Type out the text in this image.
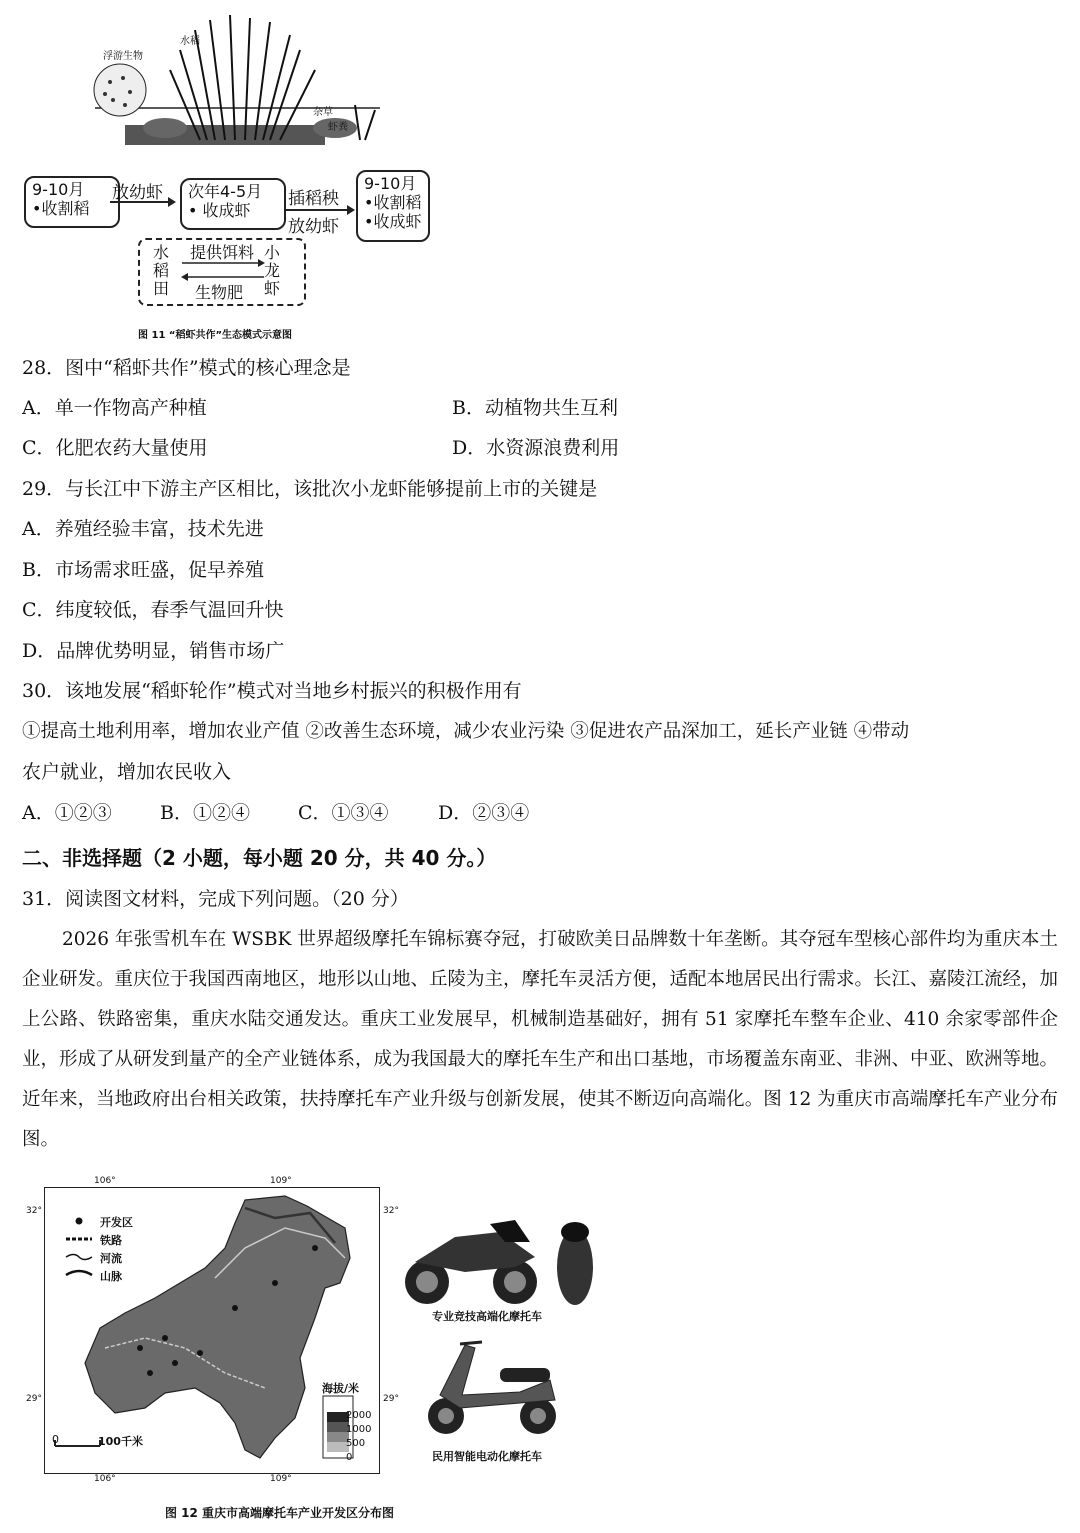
浮游生物
水稻
杂草
虾粪
9-10月
•收割稻
放幼虾 次年4-5月
• 收成虾
插稻秧
放幼虾
9-10月
•收割稻
•收成虾
水稻田
小龙虾
提供饵料
生物肥
图 11 “稻虾共作”生态模式示意图
28．图中“稻虾共作”模式的核心理念是
A．单一作物高产种植	B．动植物共生互利
C．化肥农药大量使用	D．水资源浪费利用
29．与长江中下游主产区相比，该批次小龙虾能够提前上市的关键是
A．养殖经验丰富，技术先进
B．市场需求旺盛，促早养殖
C．纬度较低，春季气温回升快
D．品牌优势明显，销售市场广
30．该地发展“稻虾轮作”模式对当地乡村振兴的积极作用有
①提高土地利用率，增加农业产值 ②改善生态环境，减少农业污染 ③促进农产品深加工，延长产业链 ④带动
农户就业，增加农民收入
A．①②③	B．①②④	C．①③④	D．②③④
二、非选择题（2 小题，每小题 20 分，共 40 分。）
31．阅读图文材料，完成下列问题。（20 分）
2026 年张雪机车在 WSBK 世界超级摩托车锦标赛夺冠，打破欧美日品牌数十年垄断。其夺冠车型核心部件均为重庆本土企业研发。重庆位于我国西南地区，地形以山地、丘陵为主，摩托车灵活方便，适配本地居民出行需求。长江、嘉陵江流经，加上公路、铁路密集，重庆水陆交通发达。重庆工业发展早，机械制造基础好，拥有 51 家摩托车整车企业、410 余家零部件企业，形成了从研发到量产的全产业链体系，成为我国最大的摩托车生产和出口基地，市场覆盖东南亚、非洲、中亚、欧洲等地。近年来，当地政府出台相关政策，扶持摩托车产业升级与创新发展，使其不断迈向高端化。图 12 为重庆市高端摩托车产业分布图。
106°	109°
106°	109°
32°	32°
29°	29°
开发区
铁路
河流
山脉
海拔/米
2000
1000
500
0
0	100千米
专业竞技高端化摩托车
民用智能电动化摩托车
图 12 重庆市高端摩托车产业开发区分布图
